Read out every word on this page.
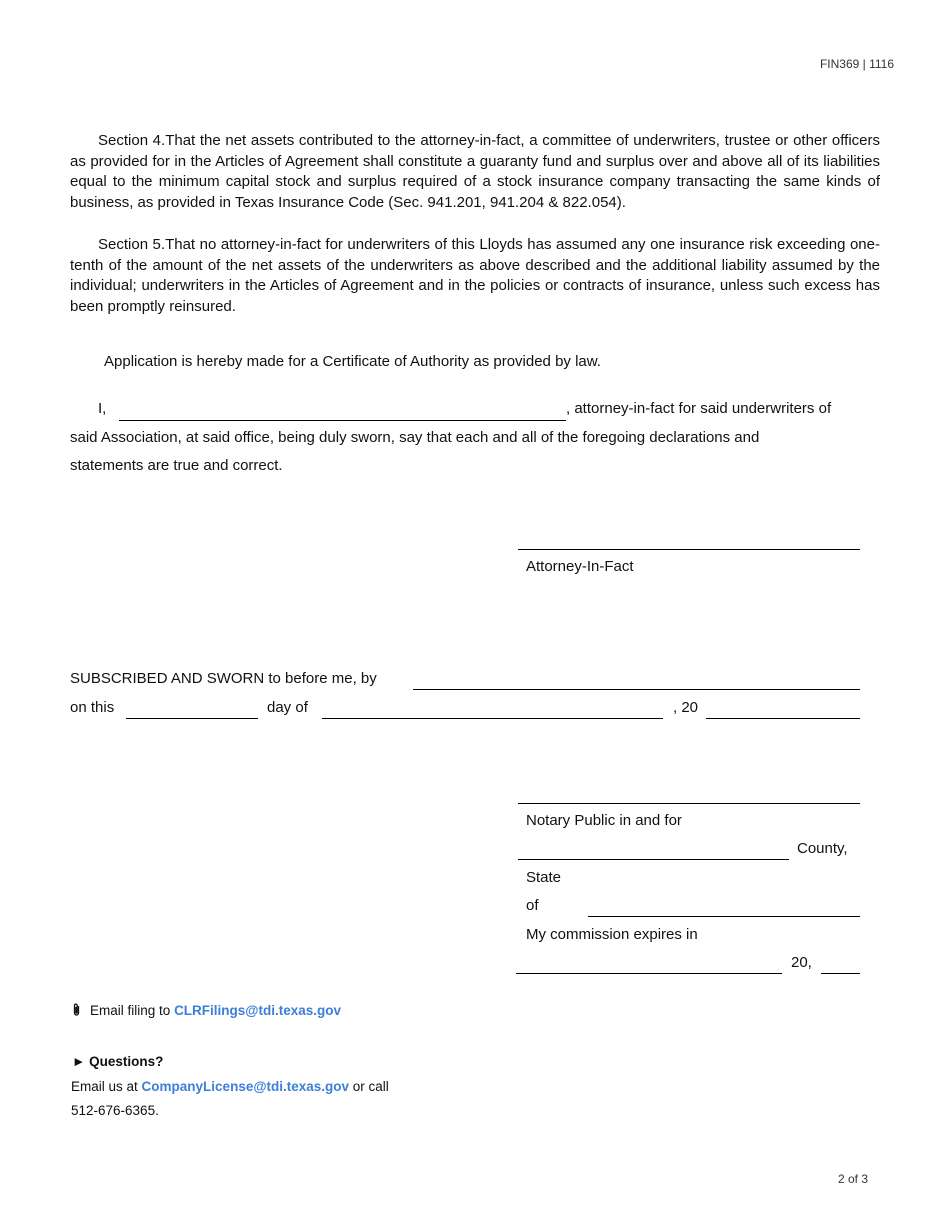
FIN369 | 1116

Section 4.That the net assets contributed to the attorney-in-fact, a committee of underwriters, trustee or other officers as provided for in the Articles of Agreement shall constitute a guaranty fund and surplus over and above all of its liabilities equal to the minimum capital stock and surplus required of a stock insurance company transacting the same kinds of business, as provided in Texas Insurance Code (Sec. 941.201, 941.204 & 822.054).

Section 5.That no attorney-in-fact for underwriters of this Lloyds has assumed any one insurance risk exceeding one-tenth of the amount of the net assets of the underwriters as above described and the additional liability assumed by the individual; underwriters in the Articles of Agreement and in the policies or contracts of insurance, unless such excess has been promptly reinsured.

Application is hereby made for a Certificate of Authority as provided by law.
I,	, attorney-in-fact for said underwriters of
said Association, at said office, being duly sworn, say that each and all of the foregoing declarations and
statements are true and correct.
Attorney-In-Fact
SUBSCRIBED AND SWORN to before me, by
on this	day of	, 20
Notary Public in and for
County,
State
of
My commission expires in
20,
Email filing to CLRFilings@tdi.texas.gov
► Questions?
Email us at CompanyLicense@tdi.texas.gov or call
512-676-6365.
2 of 3
